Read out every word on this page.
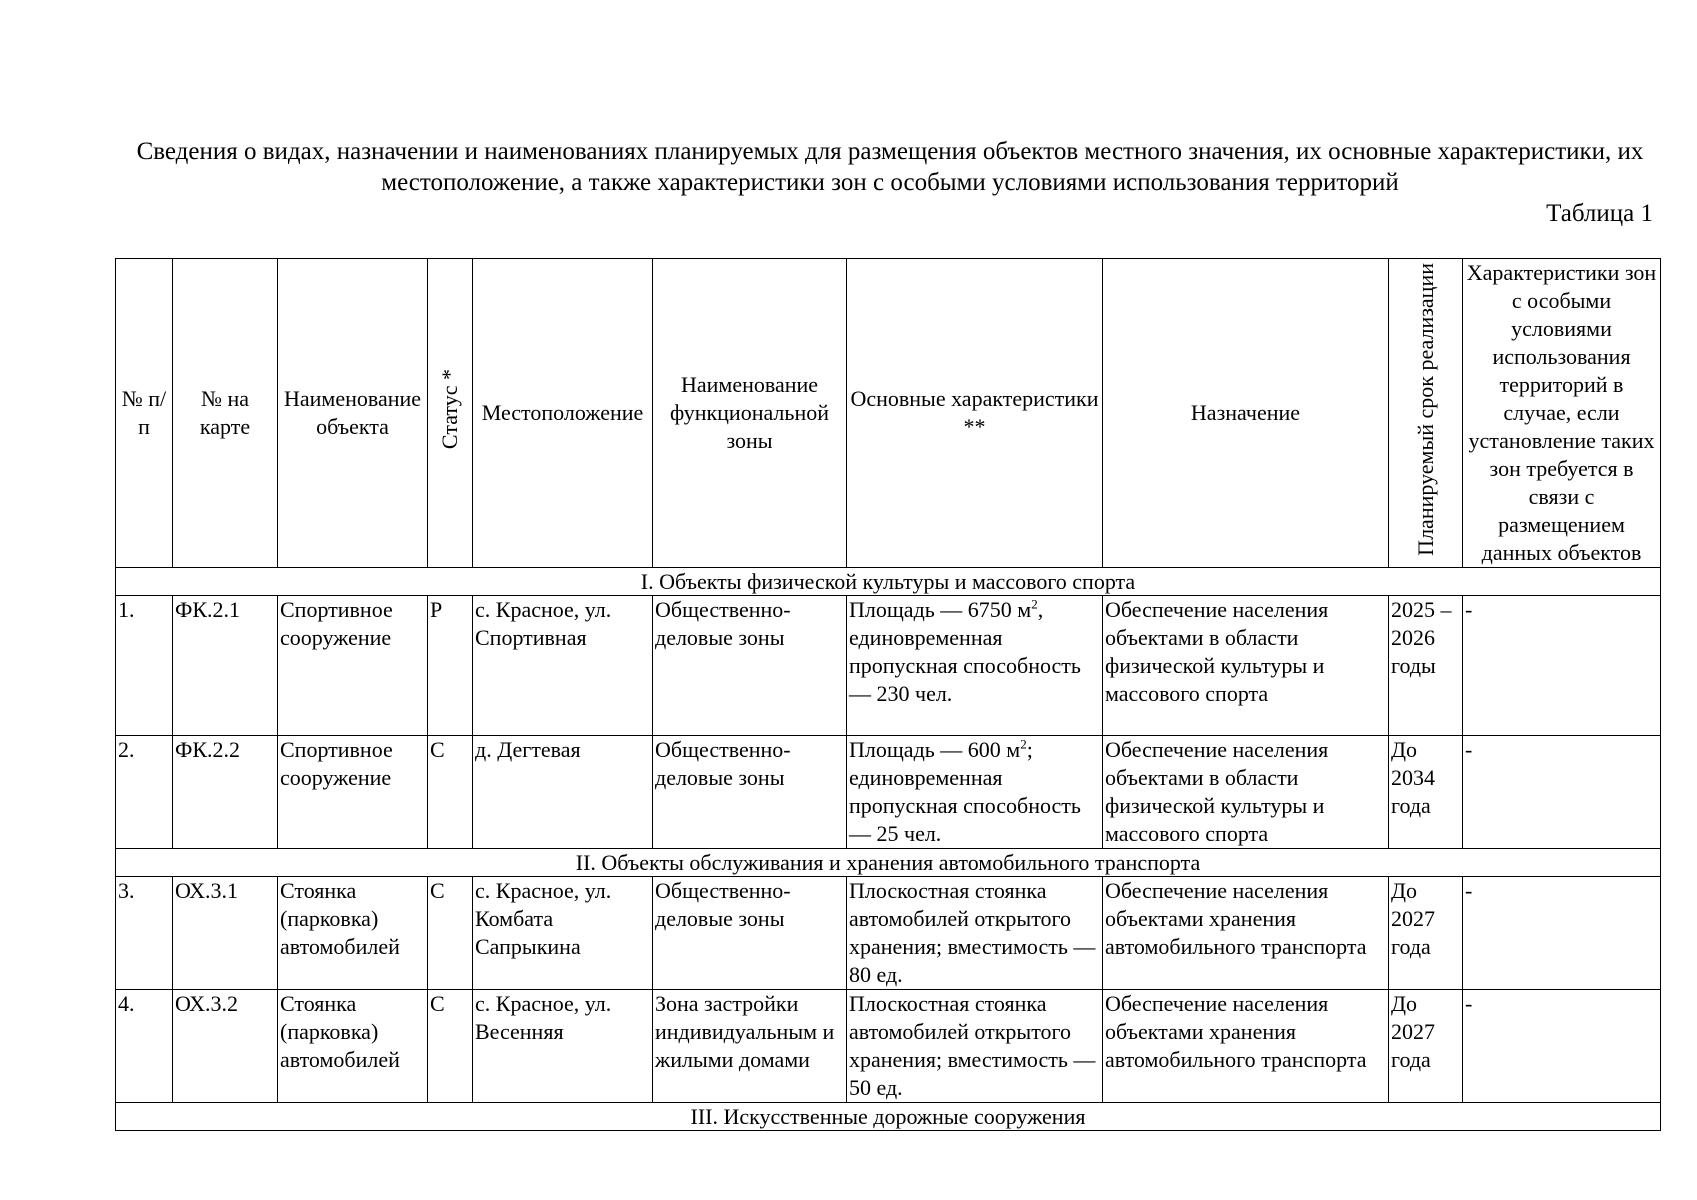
Сведения о видах, назначении и наименованиях планируемых для размещения объектов местного значения, их основные характеристики, их местоположение, а также характеристики зон с особыми условиями использования территорий
Таблица 1
№ п/п	№ на карте	Наименование объекта	Статус *	Местоположение	Наименование функциональной зоны	Основные характеристики **	Назначение	Планируемый срок реализации	Характеристики зон с особыми условиями использования территорий в случае, если установление таких зон требуется в связи с размещением данных объектов
I. Объекты физической культуры и массового спорта									
1.	ФК.2.1	Спортивное сооружение	Р	с. Красное, ул. Спортивная	Общественно-деловые зоны	Площадь — 6750 $м^2$, единовременная пропускная способность — 230 чел.	Обеспечение населения объектами в области физической культуры и массового спорта	2025 – 2026 годы	-
2.	ФК.2.2	Спортивное сооружение	С	д. Дегтевая	Общественно-деловые зоны	Площадь — 600 $м^2$; единовременная пропускная способность — 25 чел.	Обеспечение населения объектами в области физической культуры и массового спорта	До 2034 года	-
II. Объекты обслуживания и хранения автомобильного транспорта									
3.	ОХ.3.1	Стоянка (парковка) автомобилей	С	с. Красное, ул. Комбата Сапрыкина	Общественно-деловые зоны	Плоскостная стоянка автомобилей открытого хранения; вместимость — 80 ед.	Обеспечение населения объектами хранения автомобильного транспорта	До 2027 года	-
4.	ОХ.3.2	Стоянка (парковка) автомобилей	С	с. Красное, ул. Весенняя	Зона застройки индивидуальным и жилыми домами	Плоскостная стоянка автомобилей открытого хранения; вместимость — 50 ед.	Обеспечение населения объектами хранения автомобильного транспорта	До 2027 года	-
III. Искусственные дорожные сооружения									
